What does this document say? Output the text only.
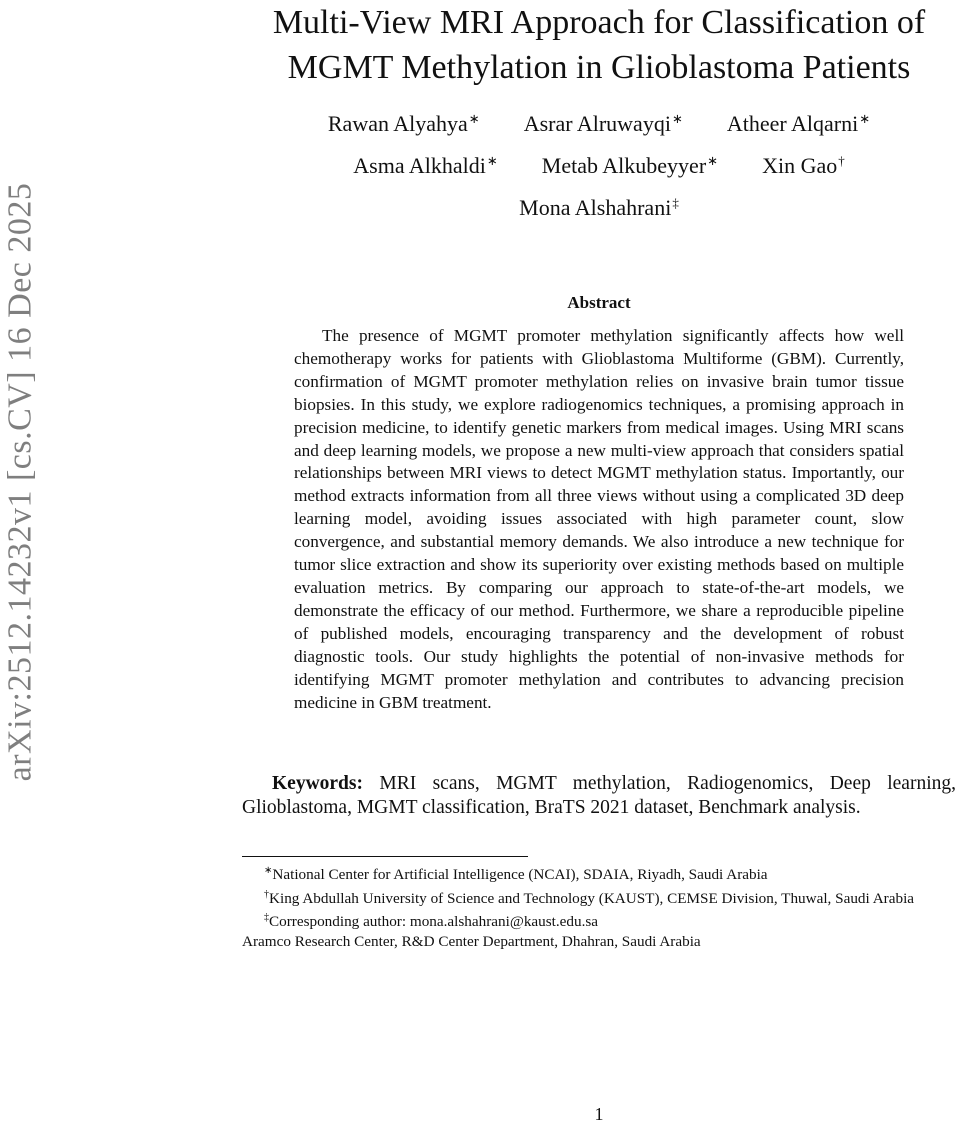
arXiv:2512.14232v1 [cs.CV] 16 Dec 2025
Multi-View MRI Approach for Classification of
MGMT Methylation in Glioblastoma Patients
Rawan Alyahya∗ Asrar Alruwayqi∗ Atheer Alqarni∗
Asma Alkhaldi∗ Metab Alkubeyyer∗ Xin Gao†
Mona Alshahrani‡
Abstract

The presence of MGMT promoter methylation significantly affects how well chemotherapy works for patients with Glioblastoma Multiforme (GBM). Currently, confirmation of MGMT promoter methylation relies on invasive brain tumor tissue biopsies. In this study, we explore radiogenomics techniques, a promising approach in precision medicine, to identify genetic markers from medical images. Using MRI scans and deep learning models, we propose a new multi-view approach that considers spatial relationships between MRI views to detect MGMT methylation status. Importantly, our method extracts information from all three views without using a complicated 3D deep learning model, avoiding issues associated with high parameter count, slow convergence, and substantial memory demands. We also introduce a new technique for tumor slice extraction and show its superiority over existing methods based on multiple evaluation metrics. By comparing our approach to state-of-the-art models, we demonstrate the efficacy of our method. Furthermore, we share a reproducible pipeline of published models, encouraging transparency and the development of robust diagnostic tools. Our study highlights the potential of non-invasive methods for identifying MGMT promoter methylation and contributes to advancing precision medicine in GBM treatment.

Keywords: MRI scans, MGMT methylation, Radiogenomics, Deep learning, Glioblastoma, MGMT classification, BraTS 2021 dataset, Benchmark analysis.

∗National Center for Artificial Intelligence (NCAI), SDAIA, Riyadh, Saudi Arabia
†King Abdullah University of Science and Technology (KAUST), CEMSE Division, Thuwal, Saudi Arabia
‡Corresponding author: mona.alshahrani@kaust.edu.sa
Aramco Research Center, R&D Center Department, Dhahran, Saudi Arabia
1
